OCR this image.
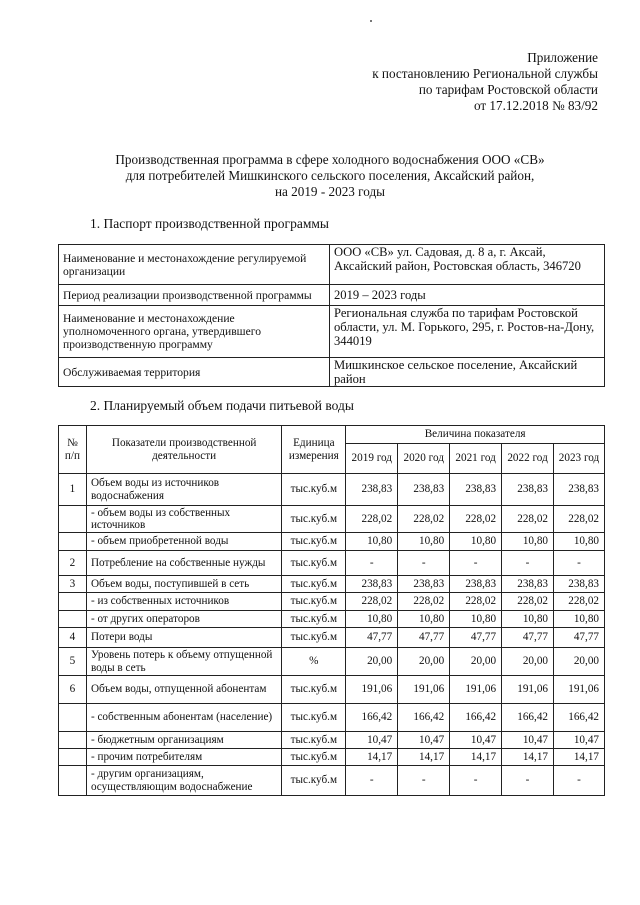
Приложение
к постановлению Региональной службы
по тарифам Ростовской области
от 17.12.2018 № 83/92
Производственная программа в сфере холодного водоснабжения ООО «СВ»
для потребителей Мишкинского сельского поселения, Аксайский район,
на 2019 - 2023 годы
1. Паспорт производственной программы
Наименование и местонахождение регулируемой организации	ООО «СВ» ул. Садовая, д. 8 а, г. Аксай, Аксайский район, Ростовская область, 346720
Период реализации производственной программы	2019 – 2023 годы
Наименование и местонахождение уполномоченного органа, утвердившего производственную программу	Региональная служба по тарифам Ростовской области, ул. М. Горького, 295, г. Ростов-на-Дону, 344019
Обслуживаемая территория	Мишкинское сельское поселение, Аксайский район
2. Планируемый объем подачи питьевой воды
№ п/п	Показатели производственной деятельности	Единица измерения	Величина показателя				
			2019 год	2020 год	2021 год	2022 год	2023 год
1	Объем воды из источников водоснабжения	тыс.куб.м	238,83	238,83	238,83	238,83	238,83
	- объем воды из собственных источников	тыс.куб.м	228,02	228,02	228,02	228,02	228,02
	- объем приобретенной воды	тыс.куб.м	10,80	10,80	10,80	10,80	10,80
2	Потребление на собственные нужды	тыс.куб.м	-	-	-	-	-
3	Объем воды, поступившей в сеть	тыс.куб.м	238,83	238,83	238,83	238,83	238,83
	- из собственных источников	тыс.куб.м	228,02	228,02	228,02	228,02	228,02
	- от других операторов	тыс.куб.м	10,80	10,80	10,80	10,80	10,80
4	Потери воды	тыс.куб.м	47,77	47,77	47,77	47,77	47,77
5	Уровень потерь к объему отпущенной воды в сеть	%	20,00	20,00	20,00	20,00	20,00
6	Объем воды, отпущенной абонентам	тыс.куб.м	191,06	191,06	191,06	191,06	191,06
	- собственным абонентам (население)	тыс.куб.м	166,42	166,42	166,42	166,42	166,42
	- бюджетным организациям	тыс.куб.м	10,47	10,47	10,47	10,47	10,47
	- прочим потребителям	тыс.куб.м	14,17	14,17	14,17	14,17	14,17
	- другим организациям, осуществляющим водоснабжение	тыс.куб.м	-	-	-	-	-
